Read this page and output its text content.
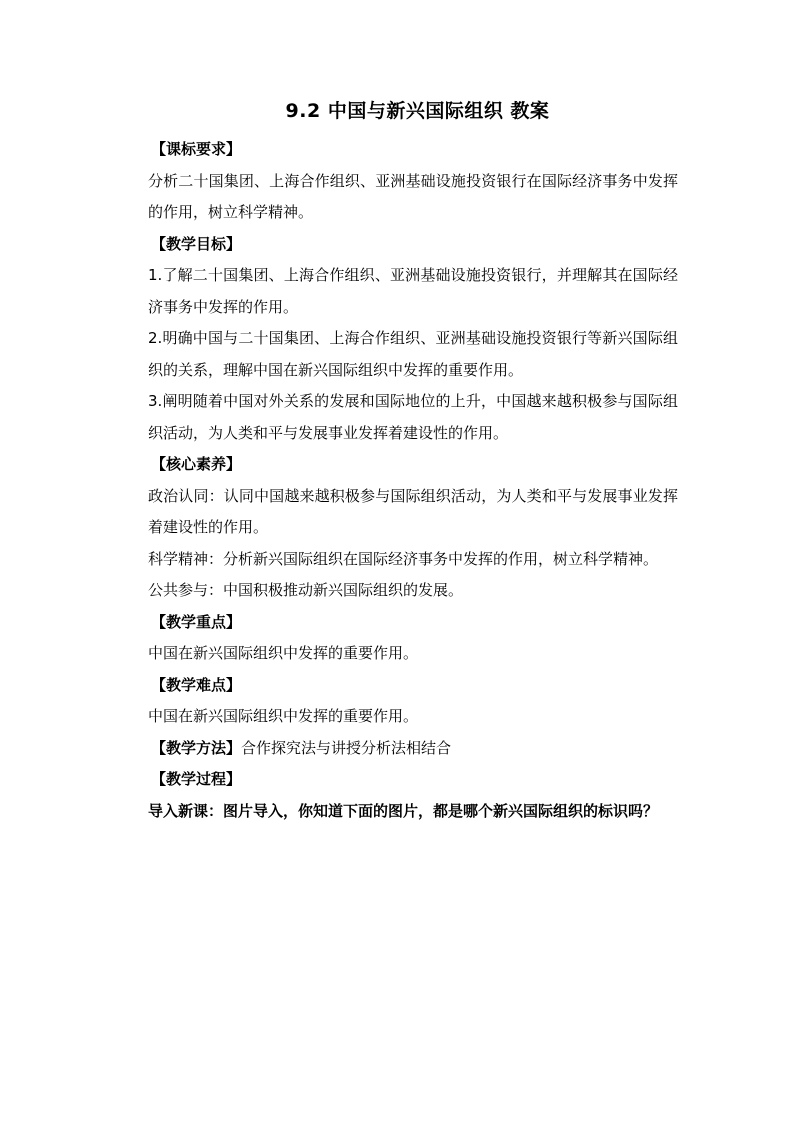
9.2 中国与新兴国际组织 教案

【课标要求】

分析二十国集团、上海合作组织、亚洲基础设施投资银行在国际经济事务中发挥的作用，树立科学精神。

【教学目标】

1.了解二十国集团、上海合作组织、亚洲基础设施投资银行，并理解其在国际经济事务中发挥的作用。

2.明确中国与二十国集团、上海合作组织、亚洲基础设施投资银行等新兴国际组织的关系，理解中国在新兴国际组织中发挥的重要作用。

3.阐明随着中国对外关系的发展和国际地位的上升，中国越来越积极参与国际组织活动，为人类和平与发展事业发挥着建设性的作用。

【核心素养】

政治认同：认同中国越来越积极参与国际组织活动，为人类和平与发展事业发挥着建设性的作用。

科学精神：分析新兴国际组织在国际经济事务中发挥的作用，树立科学精神。

公共参与：中国积极推动新兴国际组织的发展。

【教学重点】

中国在新兴国际组织中发挥的重要作用。

【教学难点】

中国在新兴国际组织中发挥的重要作用。

【教学方法】合作探究法与讲授分析法相结合

【教学过程】

导入新课：图片导入，你知道下面的图片，都是哪个新兴国际组织的标识吗？
